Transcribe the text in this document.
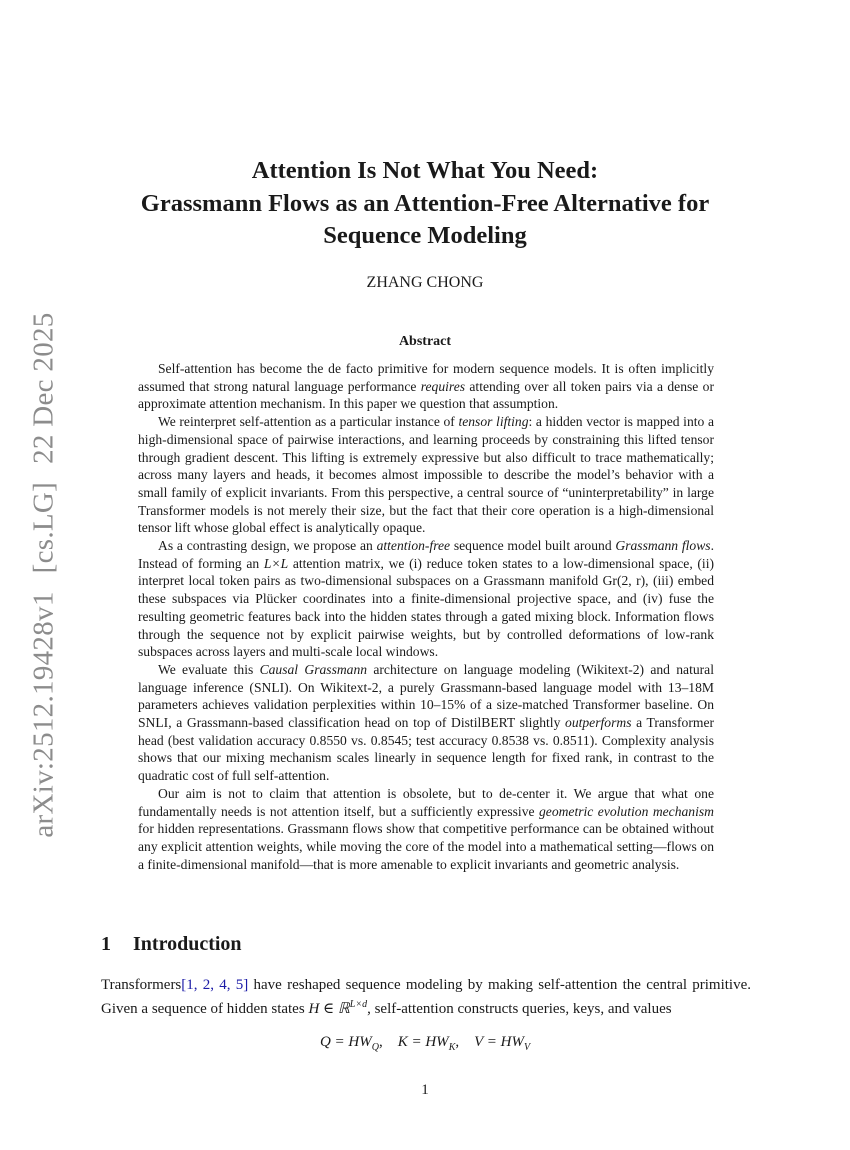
arXiv:2512.19428v1[cs.LG]22 Dec 2025
Attention Is Not What You Need:
Grassmann Flows as an Attention-Free Alternative for
Sequence Modeling
ZHANG CHONG
Abstract

Self-attention has become the de facto primitive for modern sequence models. It is often implicitly assumed that strong natural language performance requires attending over all token pairs via a dense or approximate attention mechanism. In this paper we question that assumption.

We reinterpret self-attention as a particular instance of tensor lifting: a hidden vector is mapped into a high-dimensional space of pairwise interactions, and learning proceeds by constraining this lifted tensor through gradient descent. This lifting is extremely expressive but also difficult to trace mathematically; across many layers and heads, it becomes almost impossible to describe the model’s behavior with a small family of explicit invariants. From this perspective, a central source of “uninterpretability” in large Transformer models is not merely their size, but the fact that their core operation is a high-dimensional tensor lift whose global effect is analytically opaque.

As a contrasting design, we propose an attention-free sequence model built around Grassmann flows. Instead of forming an L×L attention matrix, we (i) reduce token states to a low-dimensional space, (ii) interpret local token pairs as two-dimensional subspaces on a Grassmann manifold Gr(2, r), (iii) embed these subspaces via Plücker coordinates into a finite-dimensional projective space, and (iv) fuse the resulting geometric features back into the hidden states through a gated mixing block. Information flows through the sequence not by explicit pairwise weights, but by controlled deformations of low-rank subspaces across layers and multi-scale local windows.

We evaluate this Causal Grassmann architecture on language modeling (Wikitext-2) and natural language inference (SNLI). On Wikitext-2, a purely Grassmann-based language model with 13–18M parameters achieves validation perplexities within 10–15% of a size-matched Transformer baseline. On SNLI, a Grassmann-based classification head on top of DistilBERT slightly outperforms a Transformer head (best validation accuracy 0.8550 vs. 0.8545; test accuracy 0.8538 vs. 0.8511). Complexity analysis shows that our mixing mechanism scales linearly in sequence length for fixed rank, in contrast to the quadratic cost of full self-attention.

Our aim is not to claim that attention is obsolete, but to de-center it. We argue that what one fundamentally needs is not attention itself, but a sufficiently expressive geometric evolution mechanism for hidden representations. Grassmann flows show that competitive performance can be obtained without any explicit attention weights, while moving the core of the model into a mathematical setting—flows on a finite-dimensional manifold—that is more amenable to explicit invariants and geometric analysis.

1 Introduction

Transformers[1, 2, 4, 5] have reshaped sequence modeling by making self-attention the central primitive. Given a sequence of hidden states H ∈ ℝ$^{L\times d}$, self-attention constructs queries, keys, and values

$Q = HW_Q$, $K = HW_K$, $V = HW_V$
1
